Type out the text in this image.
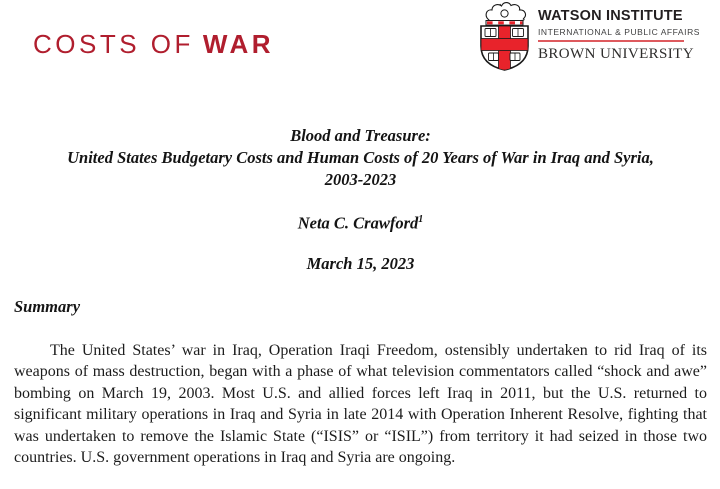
COSTS OF WAR
WATSON INSTITUTE
INTERNATIONAL & PUBLIC AFFAIRS
BROWN UNIVERSITY
Blood and Treasure:
United States Budgetary Costs and Human Costs of 20 Years of War in Iraq and Syria,
2003-2023
Neta C. Crawford$^1$
March 15, 2023
Summary

The United States’ war in Iraq, Operation Iraqi Freedom, ostensibly undertaken to rid Iraq of its weapons of mass destruction, began with a phase of what television commentators called “shock and awe” bombing on March 19, 2003. Most U.S. and allied forces left Iraq in 2011, but the U.S. returned to significant military operations in Iraq and Syria in late 2014 with Operation Inherent Resolve, fighting that was undertaken to remove the Islamic State (“ISIS” or “ISIL”) from territory it had seized in those two countries. U.S. government operations in Iraq and Syria are ongoing.
